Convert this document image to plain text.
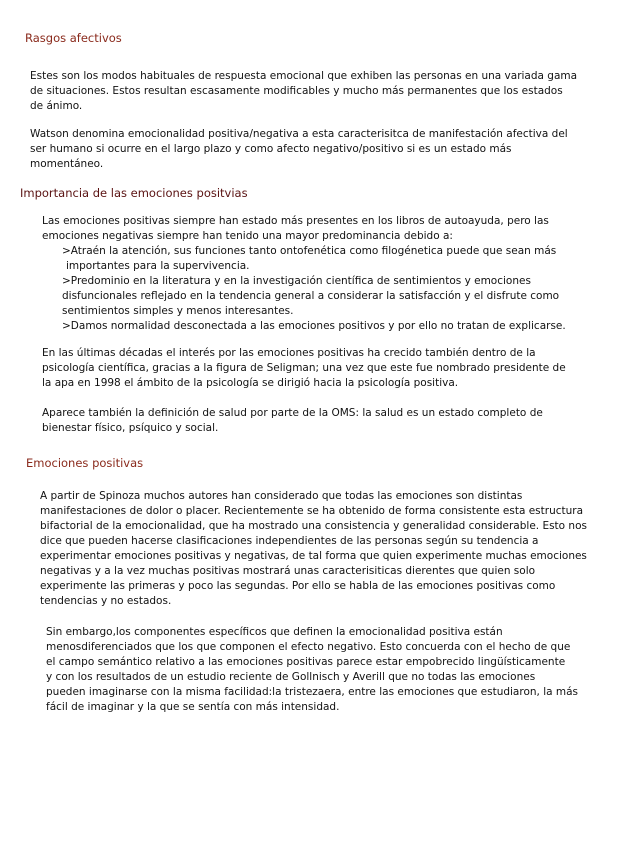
Rasgos afectivos
Estes son los modos habituales de respuesta emocional que exhiben las personas en una variada gama
de situaciones. Estos resultan escasamente modificables y mucho más permanentes que los estados
de ánimo.
Watson denomina emocionalidad positiva/negativa a esta caracterisitca de manifestación afectiva del
ser humano si ocurre en el largo plazo y como afecto negativo/positivo si es un estado más
momentáneo.
Importancia de las emociones positvias
Las emociones positivas siempre han estado más presentes en los libros de autoayuda, pero las
emociones negativas siempre han tenido una mayor predominancia debido a:
>Atraén la atención, sus funciones tanto ontofenética como filogénetica puede que sean más
importantes para la supervivencia.
>Predominio en la literatura y en la investigación científica de sentimientos y emociones
disfuncionales reflejado en la tendencia general a considerar la satisfacción y el disfrute como
sentimientos simples y menos interesantes.
>Damos normalidad desconectada a las emociones positivos y por ello no tratan de explicarse.
En las últimas décadas el interés por las emociones positivas ha crecido también dentro de la
psicología científica, gracias a la figura de Seligman; una vez que este fue nombrado presidente de
la apa en 1998 el ámbito de la psicología se dirigió hacia la psicología positiva.
Aparece también la definición de salud por parte de la OMS: la salud es un estado completo de
bienestar físico, psíquico y social.
Emociones positivas
A partir de Spinoza muchos autores han considerado que todas las emociones son distintas
manifestaciones de dolor o placer. Recientemente se ha obtenido de forma consistente esta estructura
bifactorial de la emocionalidad, que ha mostrado una consistencia y generalidad considerable. Esto nos
dice que pueden hacerse clasificaciones independientes de las personas según su tendencia a
experimentar emociones positivas y negativas, de tal forma que quien experimente muchas emociones
negativas y a la vez muchas positivas mostrará unas caracterisiticas dierentes que quien solo
experimente las primeras y poco las segundas. Por ello se habla de las emociones positivas como
tendencias y no estados.
Sin embargo,los componentes específicos que definen la emocionalidad positiva están
menosdiferenciados que los que componen el efecto negativo. Esto concuerda con el hecho de que
el campo semántico relativo a las emociones positivas parece estar empobrecido lingüísticamente
y con los resultados de un estudio reciente de Gollnisch y Averill que no todas las emociones
pueden imaginarse con la misma facilidad:la tristezaera, entre las emociones que estudiaron, la más
fácil de imaginar y la que se sentía con más intensidad.
